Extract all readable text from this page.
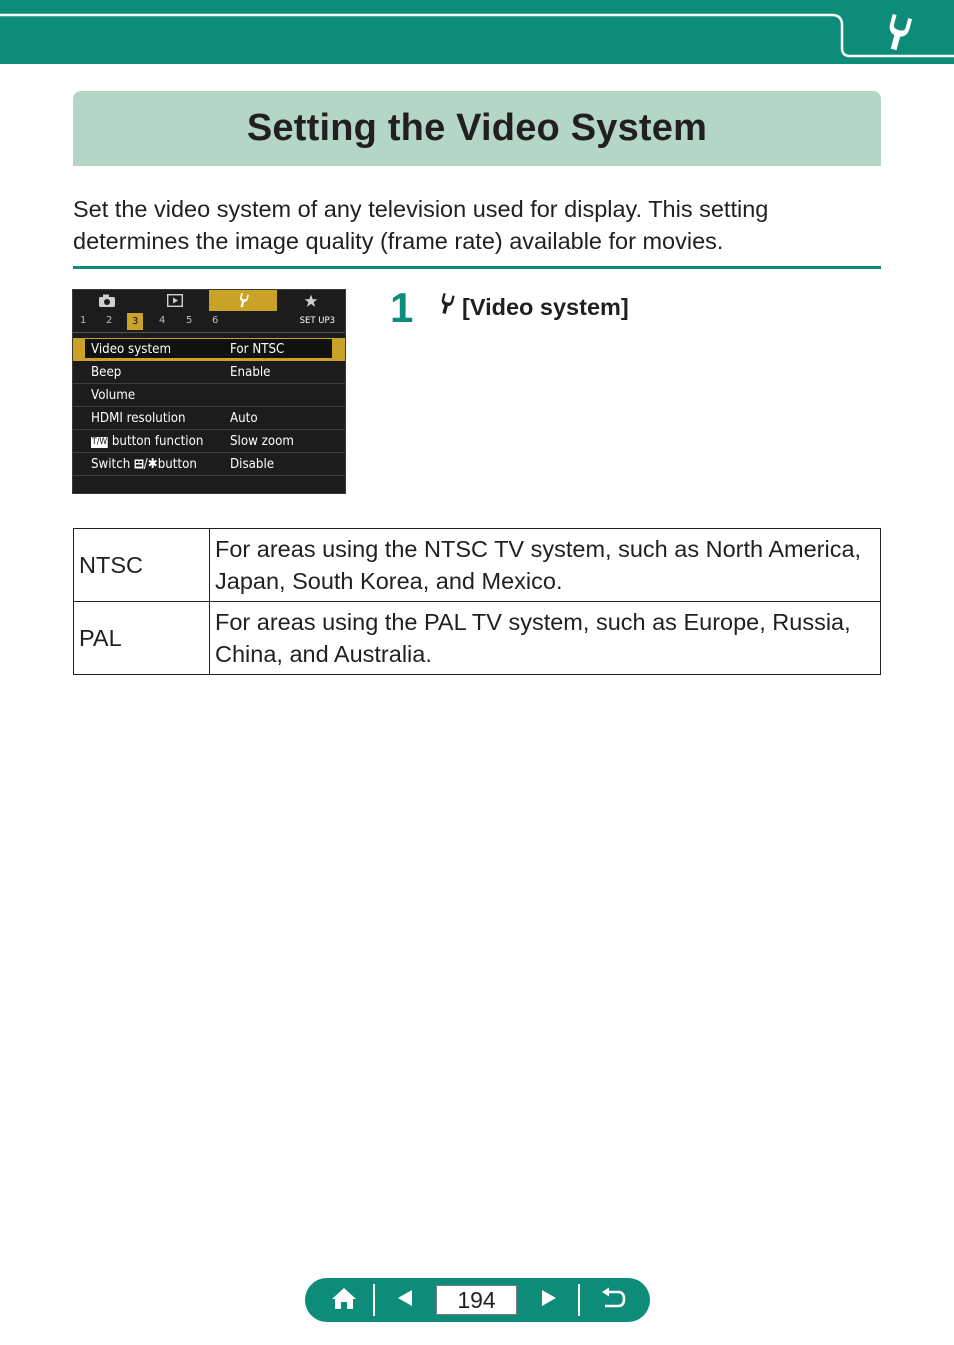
Setting the Video System
Set the video system of any television used for display. This setting determines the image quality (frame rate) available for movies.
1 2	3	4 5 6	SET UP3
Video system	For NTSC
Beep	Enable
Volume
HDMI resolution	Auto
T/W button function Slow zoom
Switch /✱button Disable
1 [Video system]
NTSC	For areas using the NTSC TV system, such as North America, Japan, South Korea, and Mexico.
PAL	For areas using the PAL TV system, such as Europe, Russia, China, and Australia.
194
